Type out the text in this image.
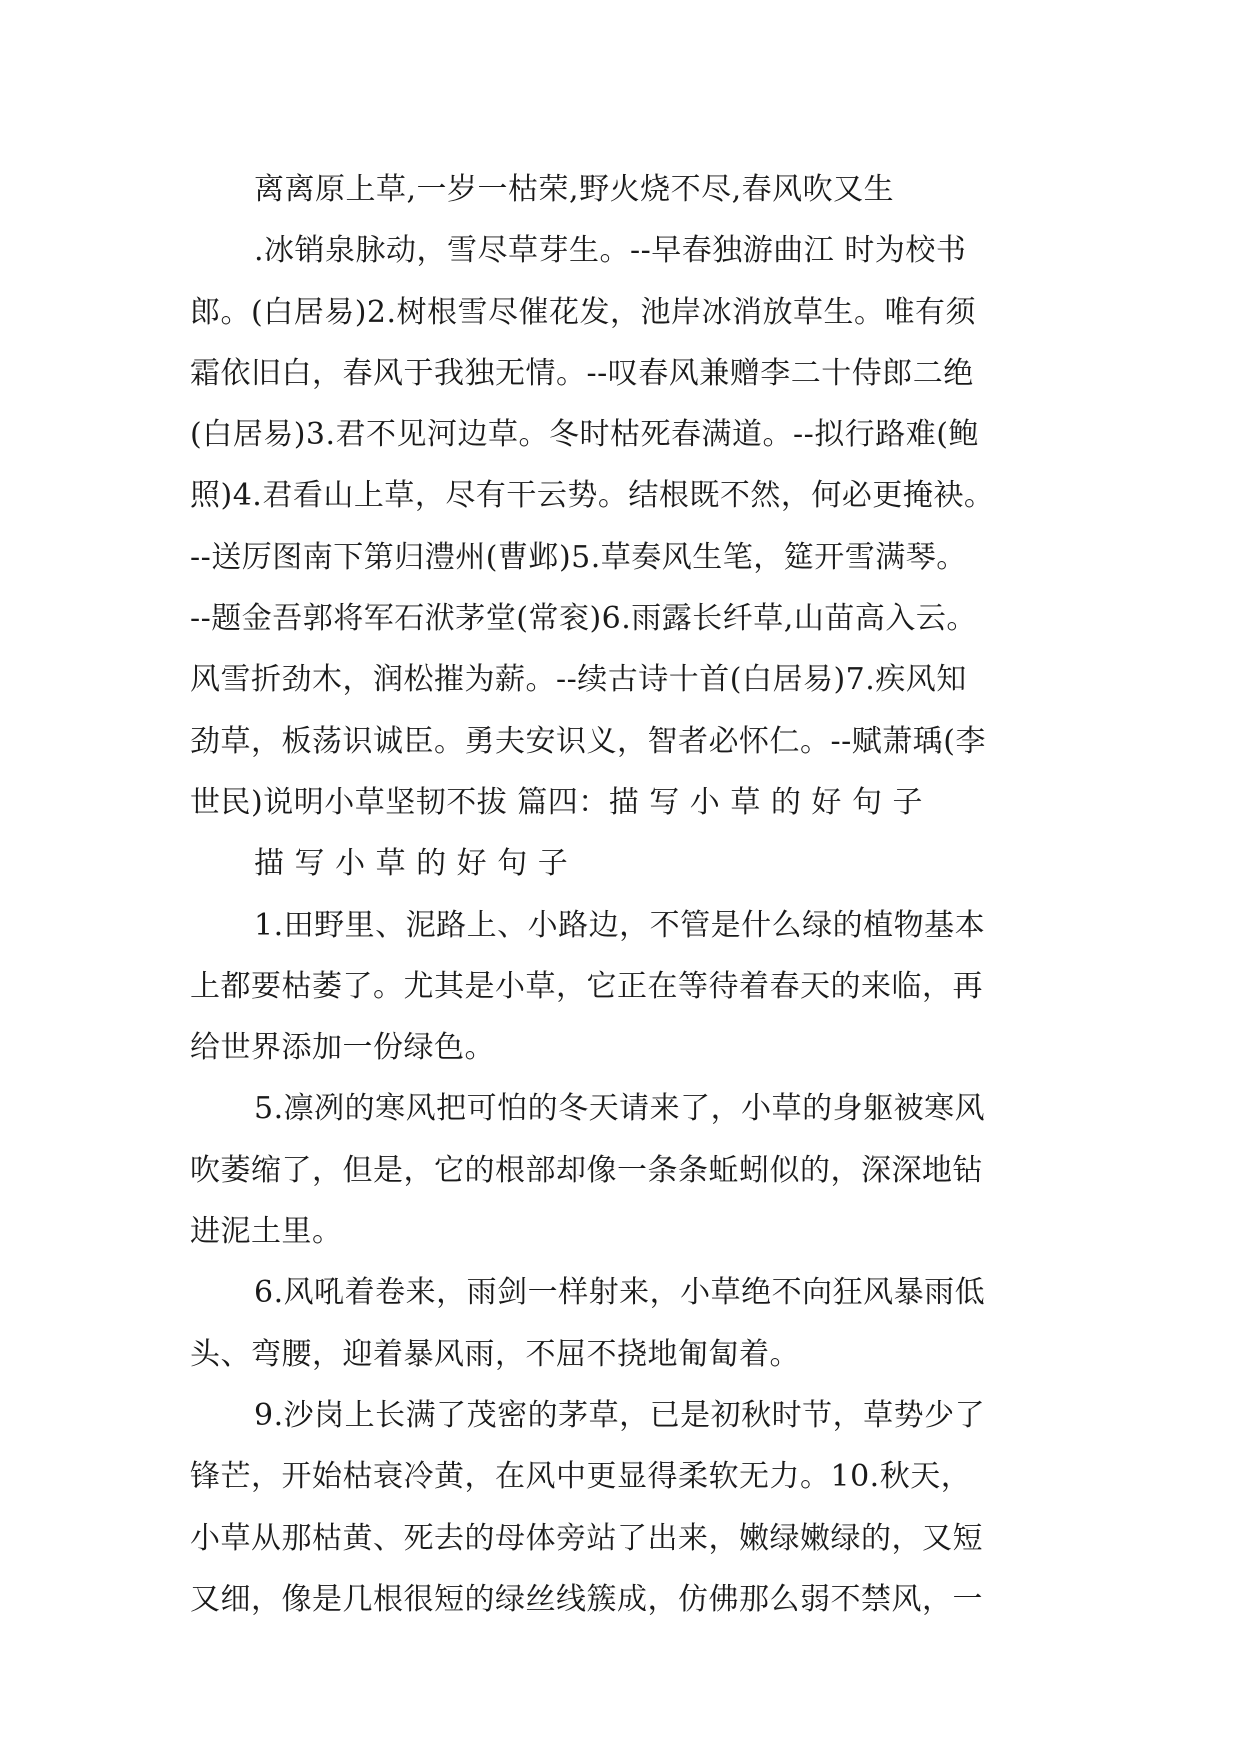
离离原上草,一岁一枯荣,野火烧不尽,春风吹又生
.冰销泉脉动，雪尽草芽生。--早春独游曲江 时为校书
郎。(白居易)2.树根雪尽催花发，池岸冰消放草生。唯有须
霜依旧白，春风于我独无情。--叹春风兼赠李二十侍郎二绝
(白居易)3.君不见河边草。冬时枯死春满道。--拟行路难(鲍
照)4.君看山上草，尽有干云势。结根既不然，何必更掩袂。
--送厉图南下第归澧州(曹邺)5.草奏风生笔，筵开雪满琴。
--题金吾郭将军石洑茅堂(常衮)6.雨露长纤草,山苗高入云。
风雪折劲木，润松摧为薪。--续古诗十首(白居易)7.疾风知
劲草，板荡识诚臣。勇夫安识义，智者必怀仁。--赋萧瑀(李
世民)说明小草坚韧不拔 篇四：描 写 小 草 的 好 句 子
描 写 小 草 的 好 句 子
1.田野里、泥路上、小路边，不管是什么绿的植物基本
上都要枯萎了。尤其是小草，它正在等待着春天的来临，再
给世界添加一份绿色。
5.凛冽的寒风把可怕的冬天请来了，小草的身躯被寒风
吹萎缩了，但是，它的根部却像一条条蚯蚓似的，深深地钻
进泥土里。
6.风吼着卷来，雨剑一样射来，小草绝不向狂风暴雨低
头、弯腰，迎着暴风雨，不屈不挠地匍匐着。
9.沙岗上长满了茂密的茅草，已是初秋时节，草势少了
锋芒，开始枯衰冷黄，在风中更显得柔软无力。10.秋天，
小草从那枯黄、死去的母体旁站了出来，嫩绿嫩绿的，又短
又细，像是几根很短的绿丝线簇成，仿佛那么弱不禁风，一
